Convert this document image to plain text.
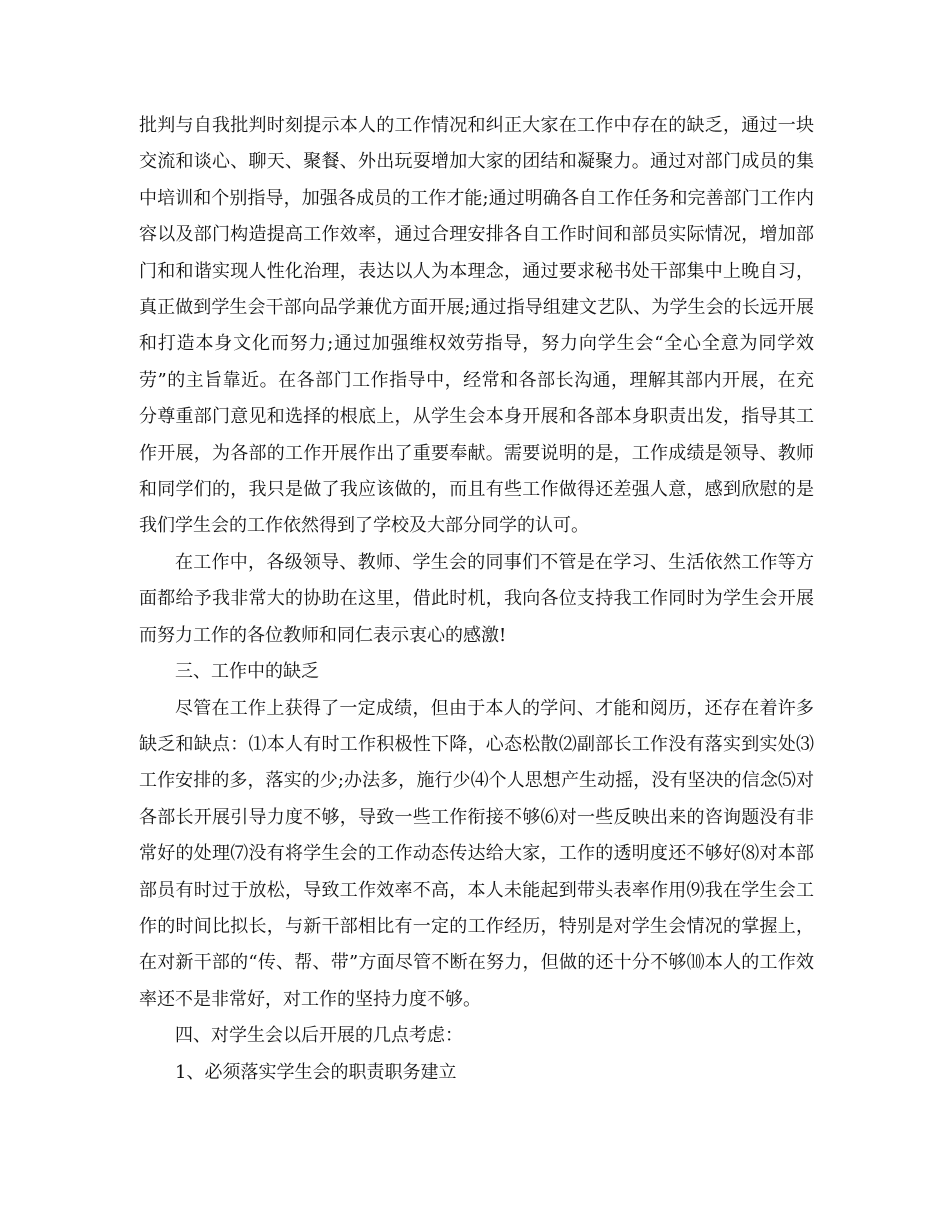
批判与自我批判时刻提示本人的工作情况和纠正大家在工作中存在的缺乏，通过一块交流和谈心、聊天、聚餐、外出玩耍增加大家的团结和凝聚力。通过对部门成员的集中培训和个别指导，加强各成员的工作才能;通过明确各自工作任务和完善部门工作内容以及部门构造提高工作效率，通过合理安排各自工作时间和部员实际情况，增加部门和和谐实现人性化治理，表达以人为本理念，通过要求秘书处干部集中上晚自习，真正做到学生会干部向品学兼优方面开展;通过指导组建文艺队、为学生会的长远开展和打造本身文化而努力;通过加强维权效劳指导，努力向学生会“全心全意为同学效劳”的主旨靠近。在各部门工作指导中，经常和各部长沟通，理解其部内开展，在充分尊重部门意见和选择的根底上，从学生会本身开展和各部本身职责出发，指导其工作开展，为各部的工作开展作出了重要奉献。需要说明的是，工作成绩是领导、教师和同学们的，我只是做了我应该做的，而且有些工作做得还差强人意，感到欣慰的是我们学生会的工作依然得到了学校及大部分同学的认可。

在工作中，各级领导、教师、学生会的同事们不管是在学习、生活依然工作等方面都给予我非常大的协助在这里，借此时机，我向各位支持我工作同时为学生会开展而努力工作的各位教师和同仁表示衷心的感激!

三、工作中的缺乏

尽管在工作上获得了一定成绩，但由于本人的学问、才能和阅历，还存在着许多缺乏和缺点：⑴本人有时工作积极性下降，心态松散⑵副部长工作没有落实到实处⑶工作安排的多，落实的少;办法多，施行少⑷个人思想产生动摇，没有坚决的信念⑸对各部长开展引导力度不够，导致一些工作衔接不够⑹对一些反映出来的咨询题没有非常好的处理⑺没有将学生会的工作动态传达给大家，工作的透明度还不够好⑻对本部部员有时过于放松，导致工作效率不高，本人未能起到带头表率作用⑼我在学生会工作的时间比拟长，与新干部相比有一定的工作经历，特别是对学生会情况的掌握上，在对新干部的“传、帮、带”方面尽管不断在努力，但做的还十分不够⑽本人的工作效率还不是非常好，对工作的坚持力度不够。

四、对学生会以后开展的几点考虑：

1、必须落实学生会的职责职务建立
